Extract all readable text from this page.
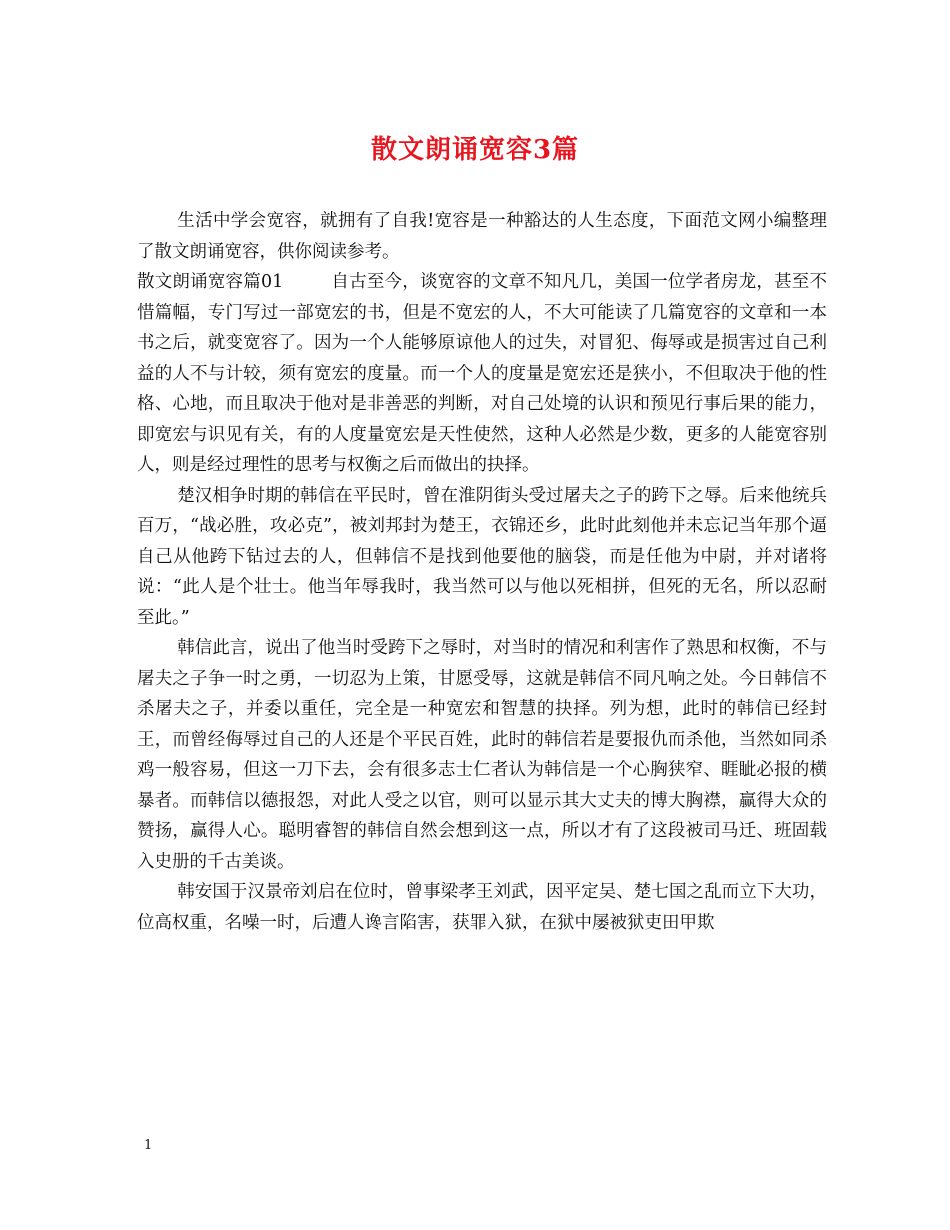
散文朗诵宽容3篇

生活中学会宽容，就拥有了自我!宽容是一种豁达的人生态度，下面范文网小编整理了散文朗诵宽容，供你阅读参考。

散文朗诵宽容篇01	自古至今，谈宽容的文章不知凡几，美国一位学者房龙，甚至不惜篇幅，专门写过一部宽宏的书，但是不宽宏的人，不大可能读了几篇宽容的文章和一本书之后，就变宽容了。因为一个人能够原谅他人的过失，对冒犯、侮辱或是损害过自己利益的人不与计较，须有宽宏的度量。而一个人的度量是宽宏还是狭小，不但取决于他的性格、心地，而且取决于他对是非善恶的判断，对自己处境的认识和预见行事后果的能力，即宽宏与识见有关，有的人度量宽宏是天性使然，这种人必然是少数，更多的人能宽容别人，则是经过理性的思考与权衡之后而做出的抉择。

楚汉相争时期的韩信在平民时，曾在淮阴街头受过屠夫之子的跨下之辱。后来他统兵百万，“战必胜，攻必克”，被刘邦封为楚王，衣锦还乡，此时此刻他并未忘记当年那个逼自己从他跨下钻过去的人，但韩信不是找到他要他的脑袋，而是任他为中尉，并对诸将说：“此人是个壮士。他当年辱我时，我当然可以与他以死相拼，但死的无名，所以忍耐至此。”

韩信此言，说出了他当时受跨下之辱时，对当时的情况和利害作了熟思和权衡，不与屠夫之子争一时之勇，一切忍为上策，甘愿受辱，这就是韩信不同凡响之处。今日韩信不杀屠夫之子，并委以重任，完全是一种宽宏和智慧的抉择。列为想，此时的韩信已经封王，而曾经侮辱过自己的人还是个平民百姓，此时的韩信若是要报仇而杀他，当然如同杀鸡一般容易，但这一刀下去，会有很多志士仁者认为韩信是一个心胸狭窄、睚眦必报的横暴者。而韩信以德报怨，对此人受之以官，则可以显示其大丈夫的博大胸襟，赢得大众的赞扬，赢得人心。聪明睿智的韩信自然会想到这一点，所以才有了这段被司马迁、班固载入史册的千古美谈。

韩安国于汉景帝刘启在位时，曾事梁孝王刘武，因平定吴、楚七国之乱而立下大功，位高权重，名噪一时，后遭人谗言陷害，获罪入狱，在狱中屡被狱吏田甲欺

1
